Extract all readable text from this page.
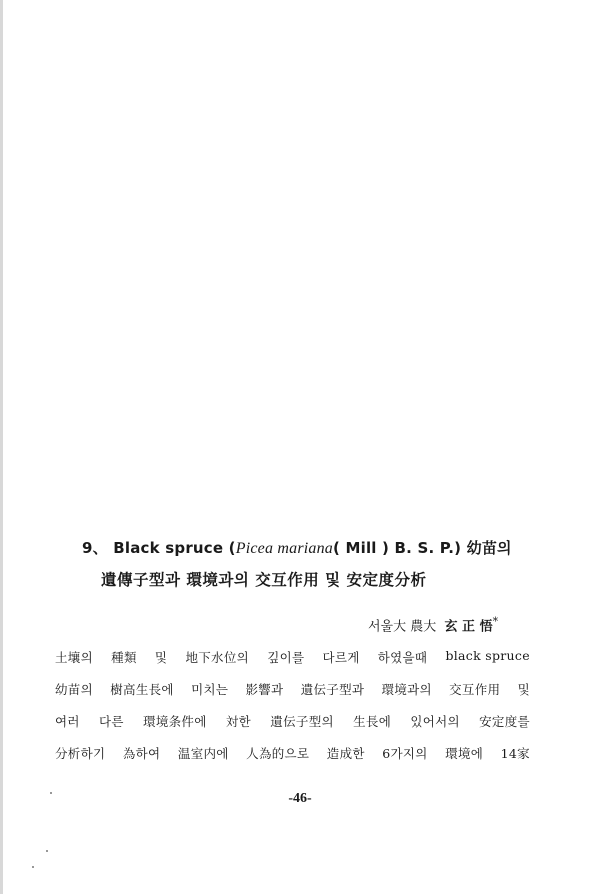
9、 Black spruce (Picea mariana( Mill ) B. S. P.) 幼苗의
遺傳子型과 環境과의 交互作用 및 安定度分析
서울大 農大 玄 正 悟*
土壤의 種類 및 地下水位의 깊이를 다르게 하였을때 black spruce
幼苗의 樹高生長에 미치는 影響과 遺伝子型과 環境과의 交互作用 및
여러 다른 環境条件에 対한 遺伝子型의 生長에 있어서의 安定度를
分析하기 為하여 温室内에 人為的으로 造成한 6가지의 環境에 14家
-46-
